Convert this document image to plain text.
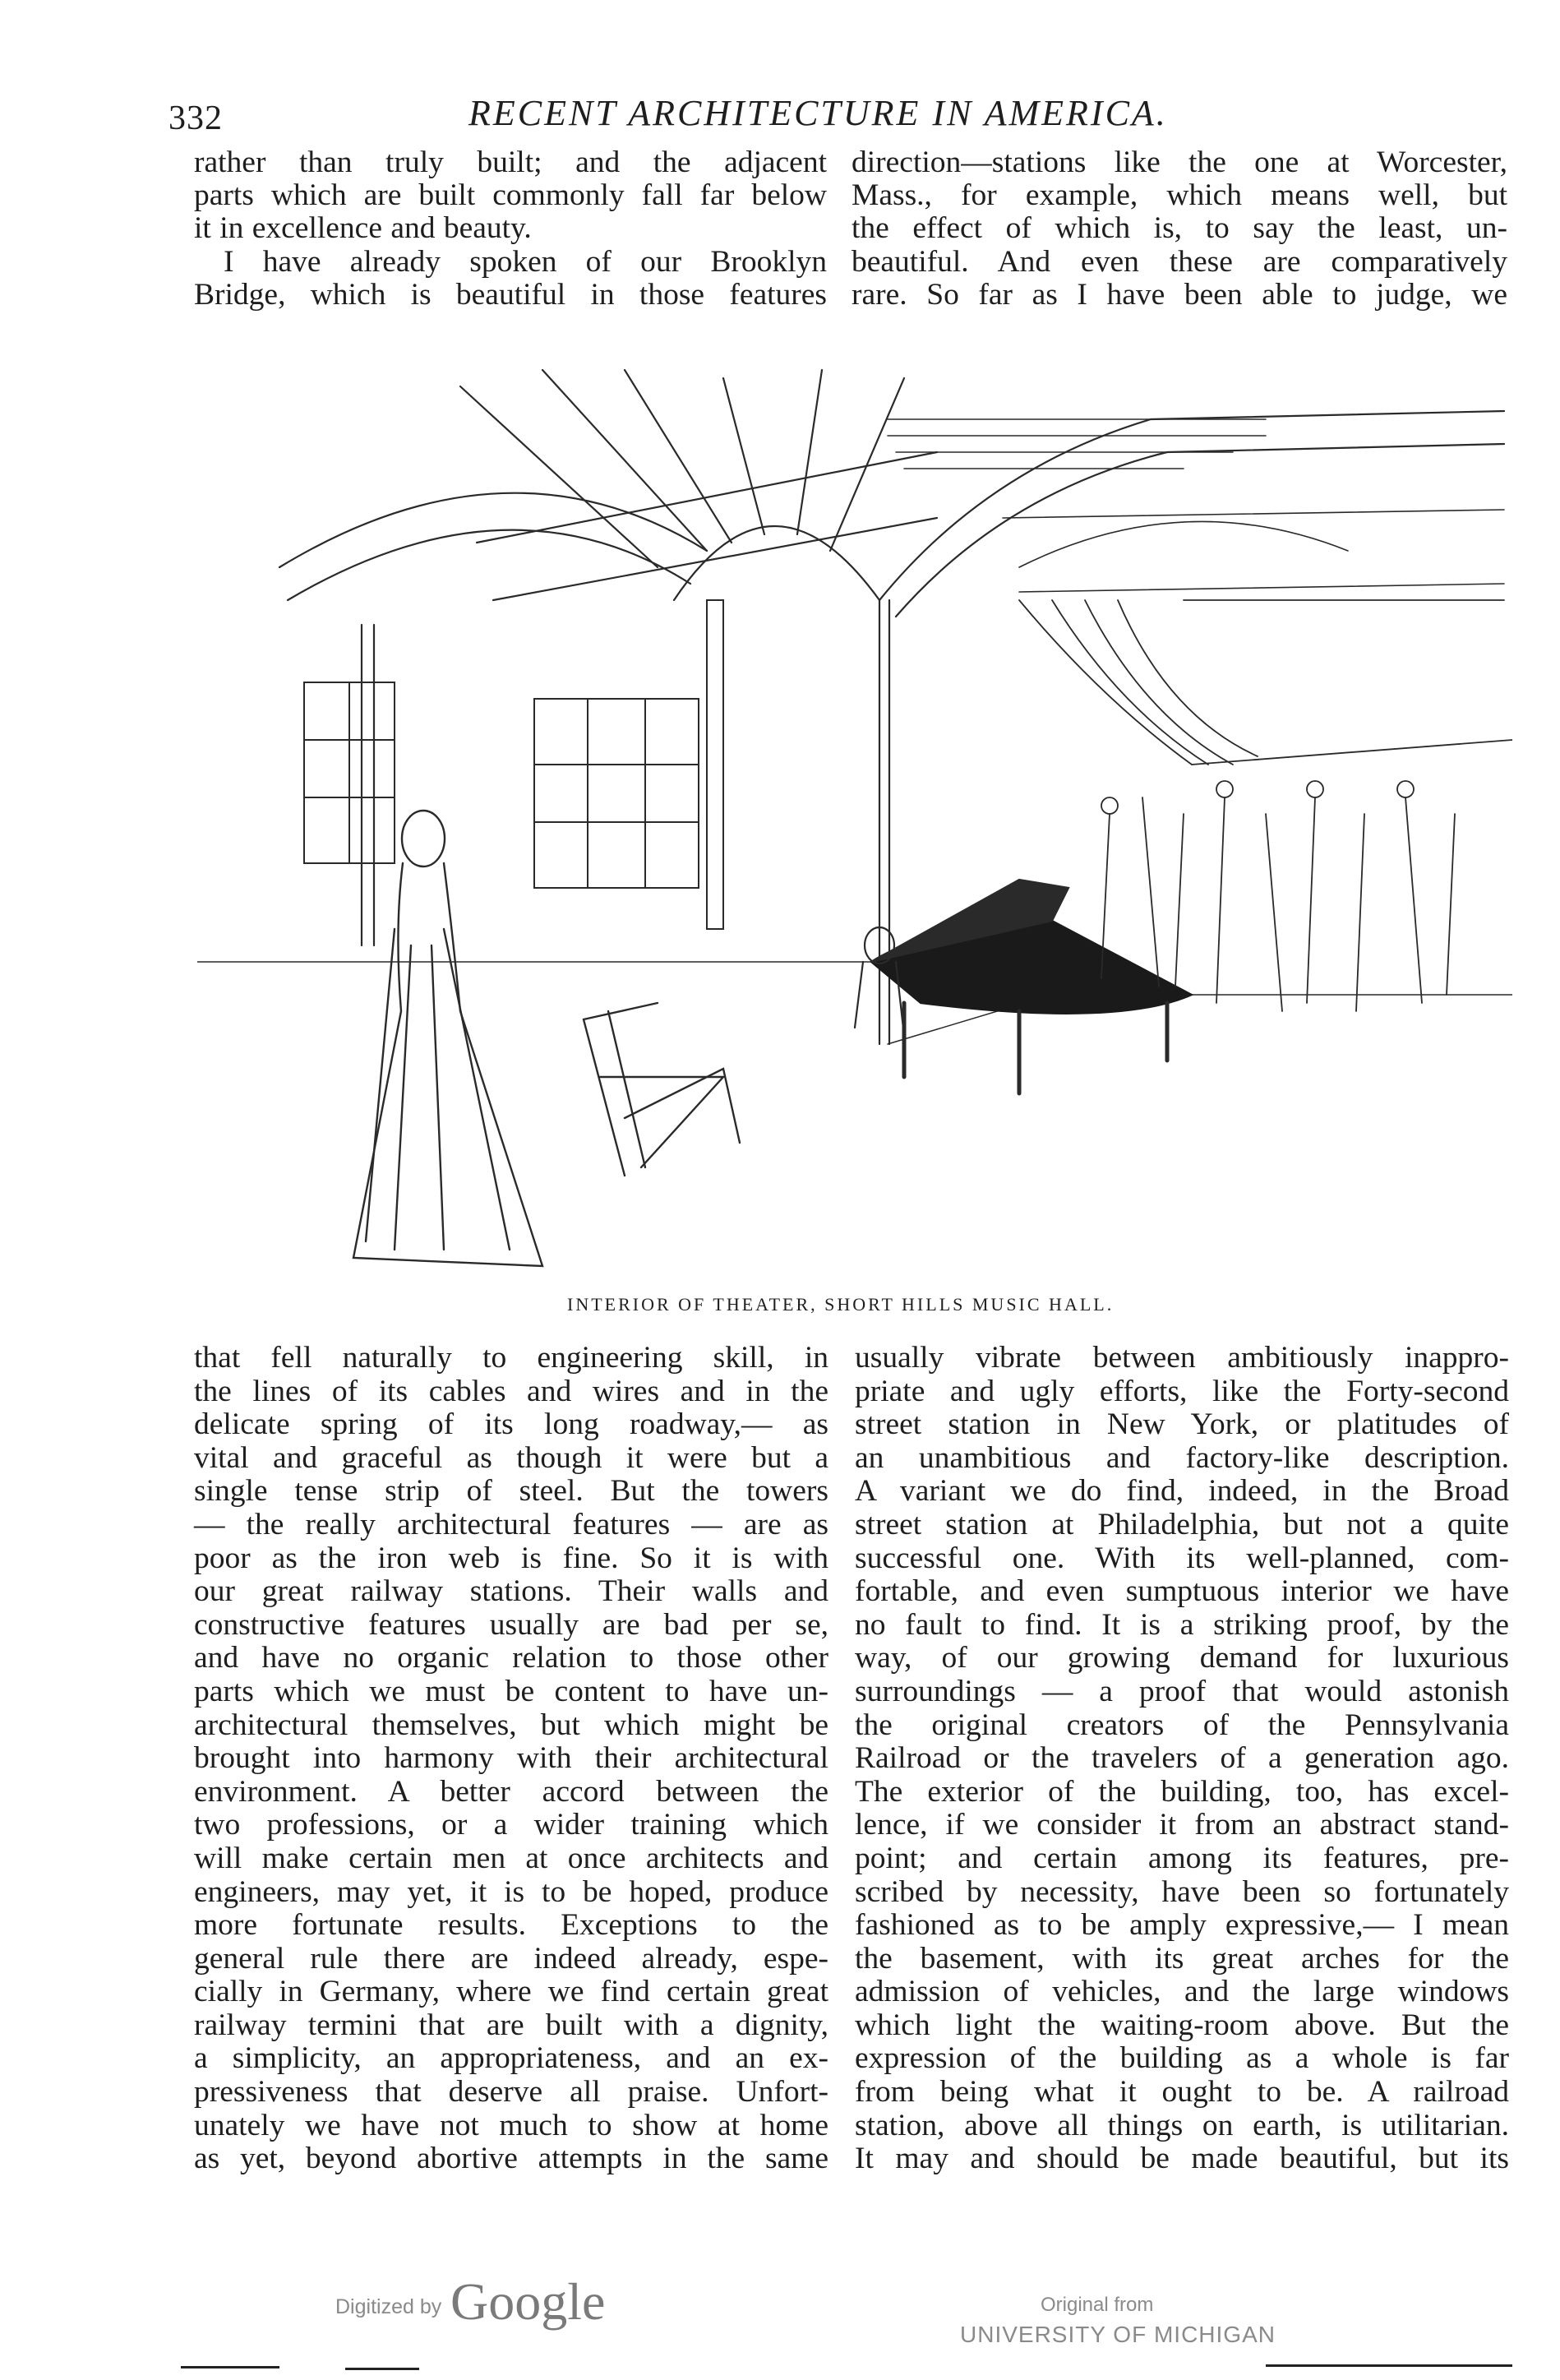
332	RECENT ARCHITECTURE IN AMERICA.
rather than truly built; and the adjacent
parts which are built commonly fall far below
it in excellence and beauty.
I have already spoken of our Brooklyn
Bridge, which is beautiful in those features
direction—stations like the one at Worcester,
Mass., for example, which means well, but
the effect of which is, to say the least, un-
beautiful. And even these are comparatively
rare. So far as I have been able to judge, we
INTERIOR OF THEATER, SHORT HILLS MUSIC HALL.
that fell naturally to engineering skill, in
the lines of its cables and wires and in the
delicate spring of its long roadway,— as
vital and graceful as though it were but a
single tense strip of steel. But the towers
— the really architectural features — are as
poor as the iron web is fine. So it is with
our great railway stations. Their walls and
constructive features usually are bad per se,
and have no organic relation to those other
parts which we must be content to have un-
architectural themselves, but which might be
brought into harmony with their architectural
environment. A better accord between the
two professions, or a wider training which
will make certain men at once architects and
engineers, may yet, it is to be hoped, produce
more fortunate results. Exceptions to the
general rule there are indeed already, espe-
cially in Germany, where we find certain great
railway termini that are built with a dignity,
a simplicity, an appropriateness, and an ex-
pressiveness that deserve all praise. Unfort-
unately we have not much to show at home
as yet, beyond abortive attempts in the same
usually vibrate between ambitiously inappro-
priate and ugly efforts, like the Forty-second
street station in New York, or platitudes of
an unambitious and factory-like description.
A variant we do find, indeed, in the Broad
street station at Philadelphia, but not a quite
successful one. With its well-planned, com-
fortable, and even sumptuous interior we have
no fault to find. It is a striking proof, by the
way, of our growing demand for luxurious
surroundings — a proof that would astonish
the original creators of the Pennsylvania
Railroad or the travelers of a generation ago.
The exterior of the building, too, has excel-
lence, if we consider it from an abstract stand-
point; and certain among its features, pre-
scribed by necessity, have been so fortunately
fashioned as to be amply expressive,— I mean
the basement, with its great arches for the
admission of vehicles, and the large windows
which light the waiting-room above. But the
expression of the building as a whole is far
from being what it ought to be. A railroad
station, above all things on earth, is utilitarian.
It may and should be made beautiful, but its
Digitized by Google	Original from
UNIVERSITY OF MICHIGAN
